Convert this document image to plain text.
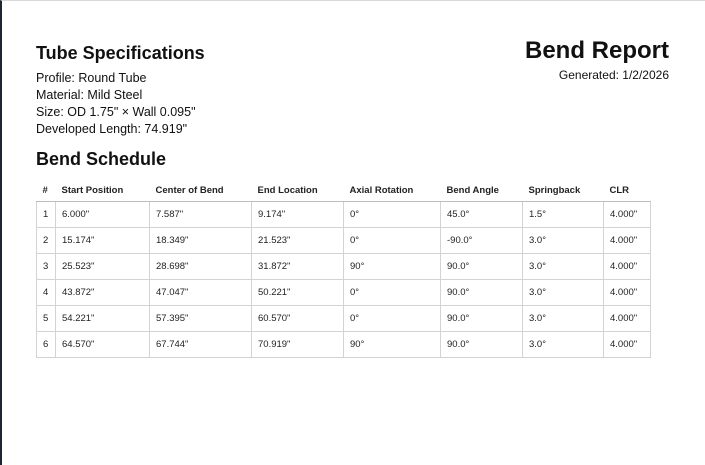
Tube Specifications
Profile: Round Tube
Material: Mild Steel
Size: OD 1.75" × Wall 0.095"
Developed Length: 74.919"
Bend Report
Generated: 1/2/2026
Bend Schedule
#	Start Position	Center of Bend	End Location	Axial Rotation	Bend Angle	Springback	CLR
1	6.000"	7.587"	9.174"	0°	45.0°	1.5°	4.000"
2	15.174"	18.349"	21.523"	0°	-90.0°	3.0°	4.000"
3	25.523"	28.698"	31.872"	90°	90.0°	3.0°	4.000"
4	43.872"	47.047"	50.221"	0°	90.0°	3.0°	4.000"
5	54.221"	57.395"	60.570"	0°	90.0°	3.0°	4.000"
6	64.570"	67.744"	70.919"	90°	90.0°	3.0°	4.000"
